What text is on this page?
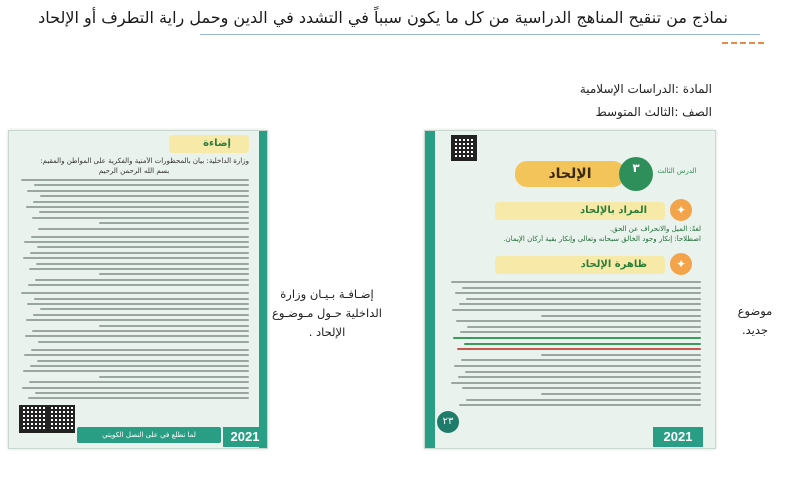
نماذج من تنقيح المناهج الدراسية من كل ما يكون سبباً في التشدد في الدين وحمل راية التطرف أو الإلحاد
المادة :الدراسات الإسلامية
الصف :الثالث المتوسط
إضـافـة بـيـان وزارة
الداخلية حـول مـوضـوع
الإلحاد .
موضوع
جديد.
إضاءة
وزارة الداخلية: بيان بالمحظورات الأمنية والفكرية على المواطن والمقيم:
بسم الله الرحمن الرحيم
لما نطلع في على النصل الكويتي	2021
الإلحاد	٣	الدرس الثالث
✦
المراد بالإلحاد
لغةً: الميل والانحراف عن الحق.
اصطلاحاً: إنكار وجود الخالق سبحانه وتعالى وإنكار بقية أركان الإيمان.
✦
ظاهرة الإلحاد
٢٣
2021
